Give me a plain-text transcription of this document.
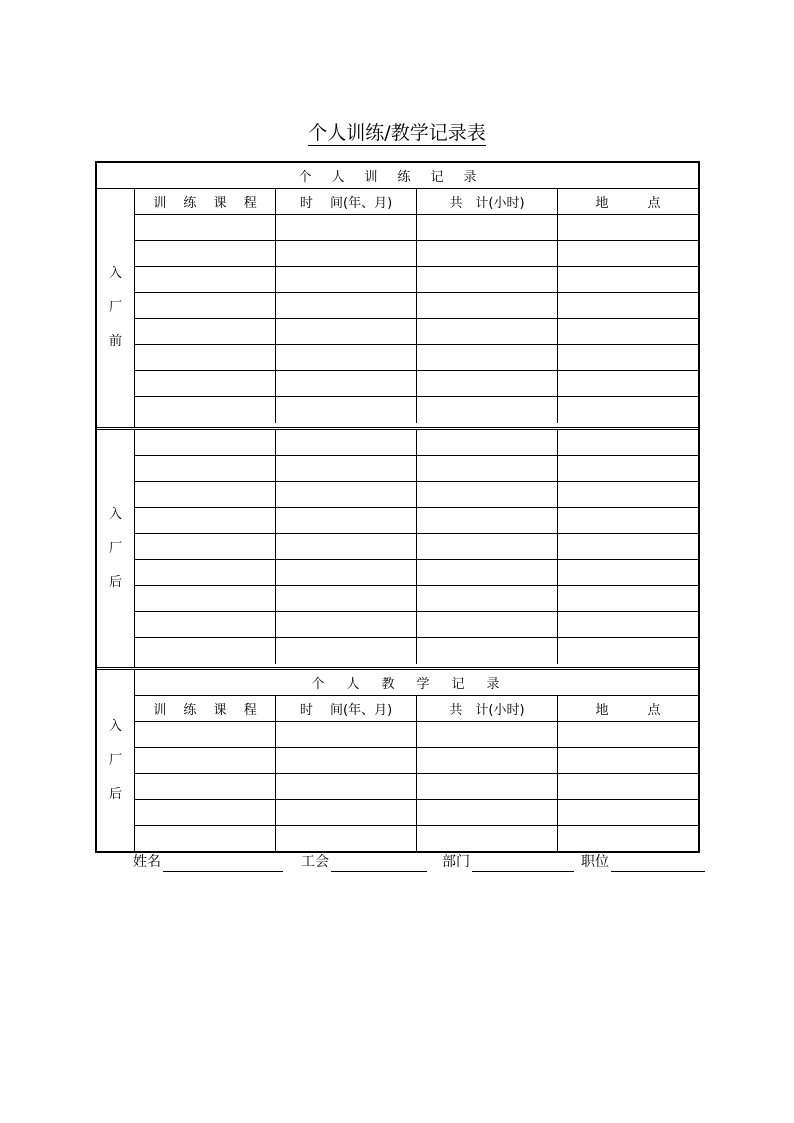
个人训练/教学记录表
个人训练记录
入
厂
前
训　 练　 课　 程	时　 间(年、月)	共　计(小时)	地　　　点
入
厂
后
入
厂
后
个人教学记录
训　 练　 课　 程	时　 间(年、月)	共　计(小时)	地　　　点
姓名	工会	部门	职位
